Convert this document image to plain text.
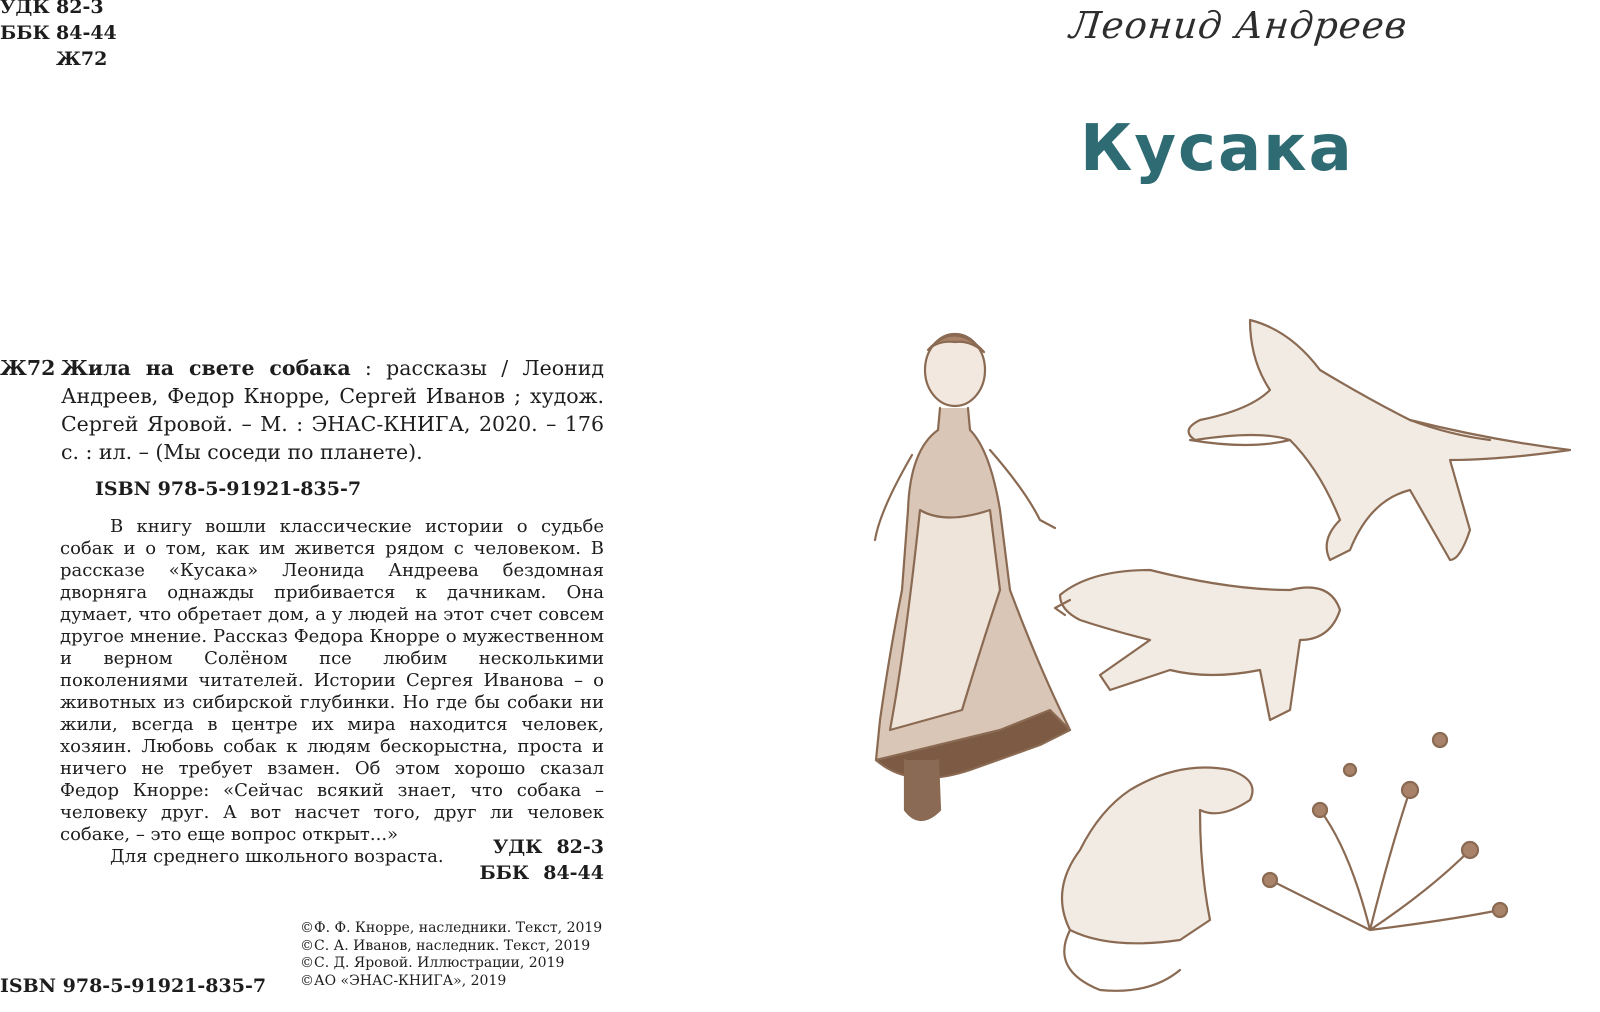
УДК 82-3
ББК 84-44
Ж72
Ж72 Жила на свете собака : рассказы / Леонид Андреев, Федор Кнорре, Сергей Иванов ; худож. Сергей Яровой. – М. : ЭНАС-КНИГА, 2020. – 176 с. : ил. – (Мы соседи по планете).
ISBN 978-5-91921-835-7

В книгу вошли классические истории о судьбе собак и о том, как им живется рядом с человеком. В рассказе «Кусака» Леонида Андреева бездомная дворняга однажды прибивается к дачникам. Она думает, что обретает дом, а у людей на этот счет совсем другое мнение. Рассказ Федора Кнорре о мужественном и верном Солёном псе любим несколькими поколениями читателей. Истории Сергея Иванова – о животных из сибирской глубинки. Но где бы собаки ни жили, всегда в центре их мира находится человек, хозяин. Любовь собак к людям бескорыстна, проста и ничего не требует взамен. Об этом хорошо сказал Федор Кнорре: «Сейчас всякий знает, что собака – человеку друг. А вот насчет того, друг ли человек собаке, – это еще вопрос открыт...»

Для среднего школьного возраста.	УДК 82-3
ББК 84-44
ISBN 978-5-91921-835-7
©Ф. Ф. Кнорре, наследники. Текст, 2019
©С. А. Иванов, наследник. Текст, 2019
©С. Д. Яровой. Иллюстрации, 2019
©АО «ЭНАС-КНИГА», 2019
Леонид Андреев
Кусака
